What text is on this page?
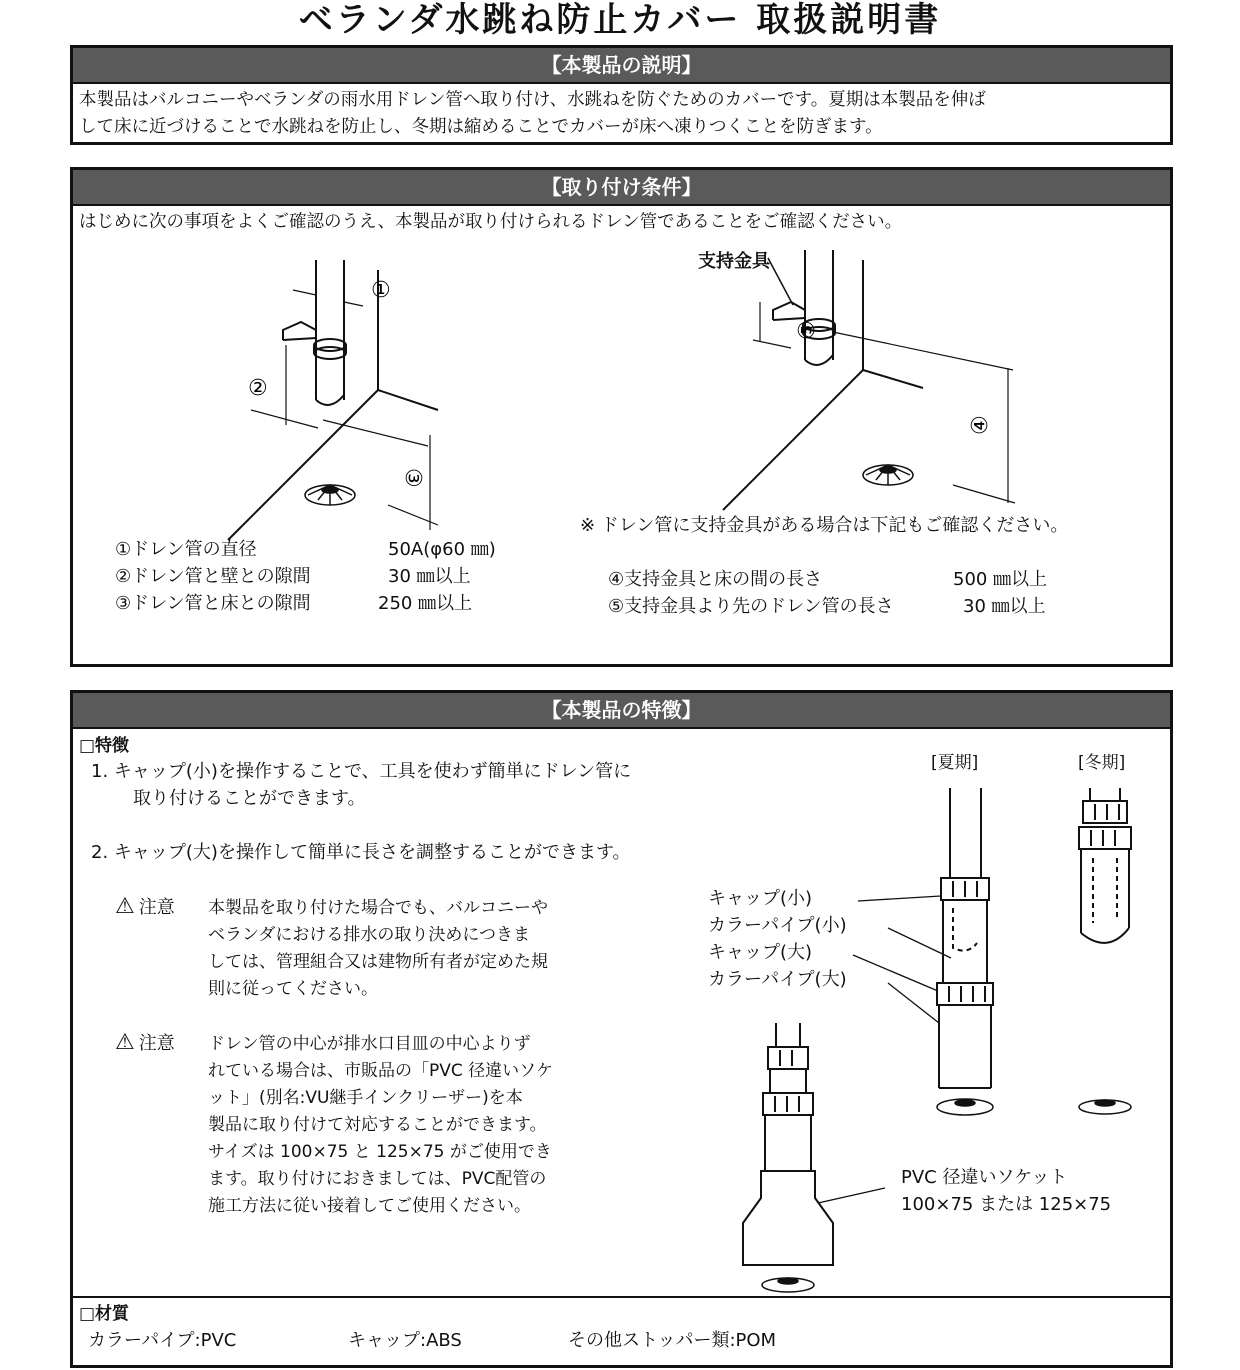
ベランダ水跳ね防止カバー 取扱説明書
【本製品の説明】
本製品はバルコニーやベランダの雨水用ドレン管へ取り付け、水跳ねを防ぐためのカバーです。夏期は本製品を伸ば
して床に近づけることで水跳ねを防止し、冬期は縮めることでカバーが床へ凍りつくことを防ぎます。
【取り付け条件】
はじめに次の事項をよくご確認のうえ、本製品が取り付けられるドレン管であることをご確認ください。
①
②
③
⑤
④
支持金具
※ ドレン管に支持金具がある場合は下記もご確認ください。
①ドレン管の直径	50A(φ60 ㎜)
②ドレン管と壁との隙間	30 ㎜以上
③ドレン管と床との隙間	250 ㎜以上
④支持金具と床の間の長さ	500 ㎜以上
⑤支持金具より先のドレン管の長さ	30 ㎜以上
【本製品の特徴】
□特徴
1. キャップ(小)を操作することで、工具を使わず簡単にドレン管に
取り付けることができます。
2. キャップ(大)を操作して簡単に長さを調整することができます。
⚠ 注意 本製品を取り付けた場合でも、バルコニーや
ベランダにおける排水の取り決めにつきま
しては、管理組合又は建物所有者が定めた規
則に従ってください。
⚠ 注意 ドレン管の中心が排水口目皿の中心よりず
れている場合は、市販品の「PVC 径違いソケ
ット」(別名:VU継手インクリーザー)を本
製品に取り付けて対応することができます。
サイズは 100×75 と 125×75 がご使用でき
ます。取り付けにおきましては、PVC配管の
施工方法に従い接着してご使用ください。
[夏期]	[冬期]
キャップ(小)
カラーパイプ(小)
キャップ(大)
カラーパイプ(大)
PVC 径違いソケット
100×75 または 125×75
□材質
カラーパイプ:PVC	キャップ:ABS	その他ストッパー類:POM
